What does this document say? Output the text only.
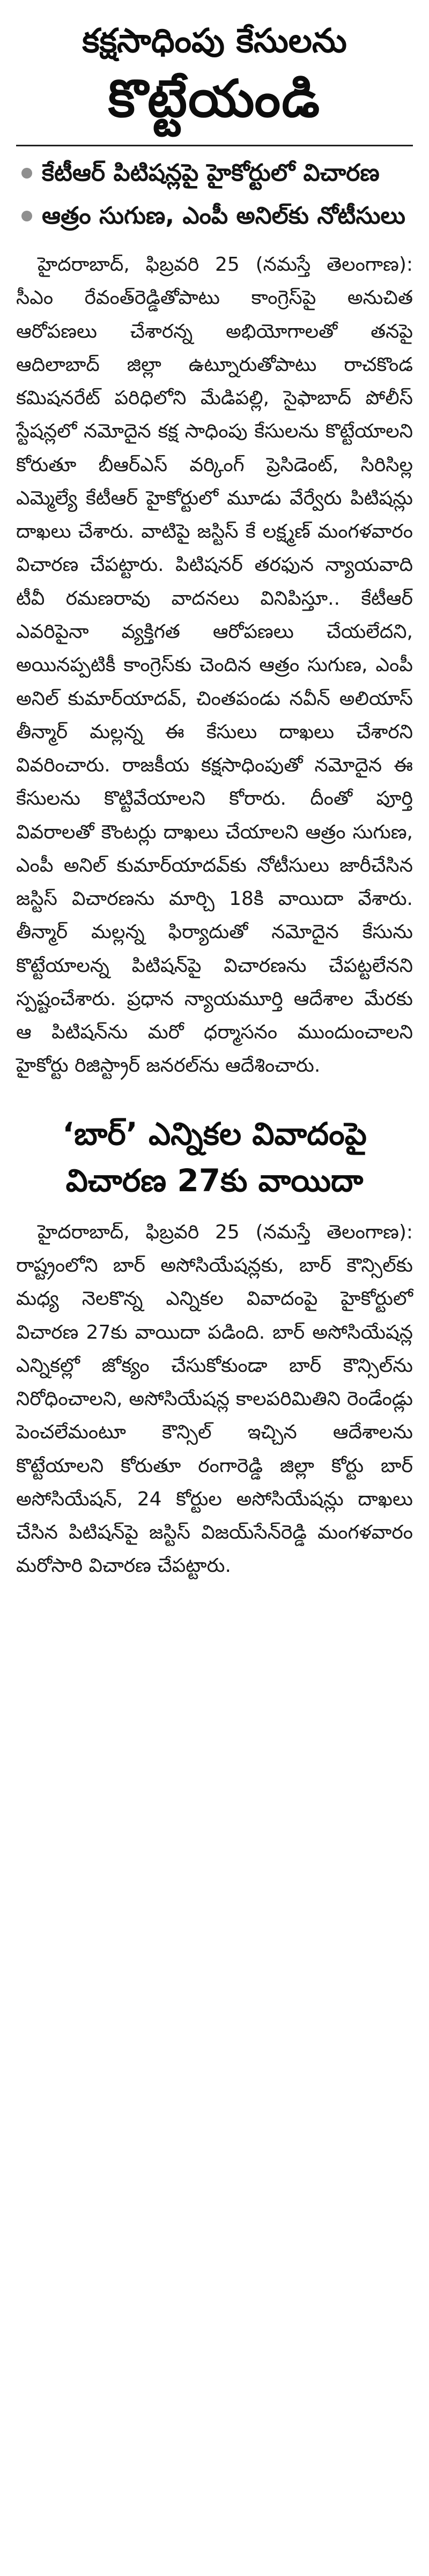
కక్షసాధింపు కేసులను
కొట్టేయండి
కేటీఆర్‌ పిటిషన్లపై హైకోర్టులో విచారణ
ఆత్రం సుగుణ, ఎంపీ అనిల్‌కు నోటీసులు

హైదరాబాద్‌, ఫిబ్రవరి 25 (నమస్తే తెలంగాణ): సీఎం రేవంత్‌రెడ్డితోపాటు కాంగ్రెస్‌పై అనుచిత ఆరోపణలు చేశారన్న అభియోగాలతో తనపై ఆదిలాబాద్‌ జిల్లా ఉట్నూరుతోపాటు రాచకొండ కమిషనరేట్‌ పరిధిలోని మేడిపల్లి, సైఫాబాద్‌ పోలీస్‌ స్టేషన్లలో నమోదైన కక్ష సాధింపు కేసులను కొట్టేయాలని కోరుతూ బీఆర్‌ఎస్‌ వర్కింగ్‌ ప్రెసిడెంట్‌, సిరిసిల్ల ఎమ్మెల్యే కేటీఆర్‌ హైకోర్టులో మూడు వేర్వేరు పిటిషన్లు దాఖలు చేశారు. వాటిపై జస్టిస్‌ కే లక్ష్మణ్‌ మంగళవారం విచారణ చేపట్టారు. పిటిషనర్‌ తరఫున న్యాయవాది టీవీ రమణరావు వాదనలు వినిపిస్తూ.. కేటీఆర్‌ ఎవరిపైనా వ్యక్తిగత ఆరోపణలు చేయలేదని, అయినప్పటికీ కాంగ్రెస్‌కు చెందిన ఆత్రం సుగుణ, ఎంపీ అనిల్‌ కుమార్‌యాదవ్‌, చింతపండు నవీన్‌ అలియాస్‌ తీన్మార్‌ మల్లన్న ఈ కేసులు దాఖలు చేశారని వివరించారు. రాజకీయ కక్షసాధింపుతో నమోదైన ఈ కేసులను కొట్టివేయాలని కోరారు. దీంతో పూర్తి వివరాలతో కౌంటర్లు దాఖలు చేయాలని ఆత్రం సుగుణ, ఎంపీ అనిల్‌ కుమార్‌యాదవ్‌కు నోటీసులు జారీచేసిన జస్టిస్‌ విచారణను మార్చి 18కి వాయిదా వేశారు. తీన్మార్‌ మల్లన్న ఫిర్యాదుతో నమోదైన కేసును కొట్టేయాలన్న పిటిషన్‌పై విచారణను చేపట్టలేనని స్పష్టంచేశారు. ప్రధాన న్యాయమూర్తి ఆదేశాల మేరకు ఆ పిటిషన్‌ను మరో ధర్మాసనం ముందుంచాలని హైకోర్టు రిజిస్ట్రార్‌ జనరల్‌ను ఆదేశించారు.

‘బార్‌’ ఎన్నికల వివాదంపై
విచారణ 27కు వాయిదా

హైదరాబాద్‌, ఫిబ్రవరి 25 (నమస్తే తెలంగాణ): రాష్ట్రంలోని బార్‌ అసోసియేషన్లకు, బార్‌ కౌన్సిల్‌కు మధ్య నెలకొన్న ఎన్నికల వివాదంపై హైకోర్టులో విచారణ 27కు వాయిదా పడింది. బార్‌ అసోసియేషన్ల ఎన్నికల్లో జోక్యం చేసుకోకుండా బార్‌ కౌన్సిల్‌ను నిరోధించాలని, అసోసియేషన్ల కాలపరిమితిని రెండేండ్లు పెంచలేమంటూ కౌన్సిల్‌ ఇచ్చిన ఆదేశాలను కొట్టేయాలని కోరుతూ రంగారెడ్డి జిల్లా కోర్టు బార్‌ అసోసియేషన్‌, 24 కోర్టుల అసోసియేషన్లు దాఖలు చేసిన పిటిషన్‌పై జస్టిస్‌ విజయ్‌సేన్‌రెడ్డి మంగళవారం మరోసారి విచారణ చేపట్టారు.
